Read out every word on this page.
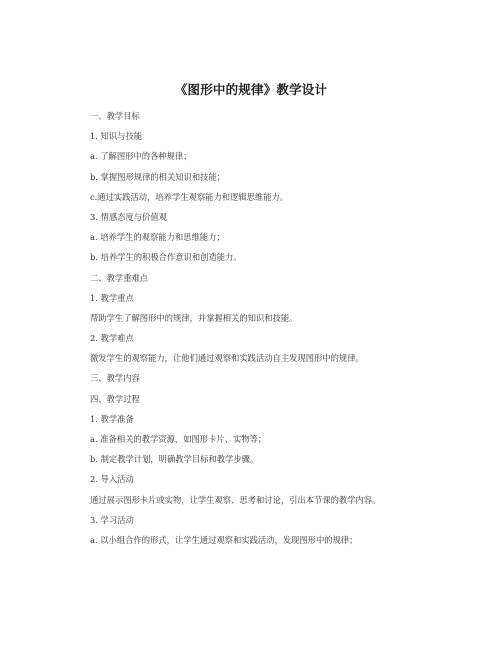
《图形中的规律》教学设计
一、教学目标
1. 知识与技能
a. 了解图形中的各种规律；
b. 掌握图形规律的相关知识和技能；
c.通过实践活动，培养学生观察能力和逻辑思维能力。
3. 情感态度与价值观
a. 培养学生的观察能力和思维能力；
b. 培养学生的积极合作意识和创造能力。
二、教学重难点
1. 教学重点
帮助学生了解图形中的规律，并掌握相关的知识和技能。
2. 教学难点
激发学生的观察能力，让他们通过观察和实践活动自主发现图形中的规律。
三、教学内容
四、教学过程
1. 教学准备
a. 准备相关的教学资源，如图形卡片、实物等；
b. 制定教学计划，明确教学目标和教学步骤。
2. 导入活动
通过展示图形卡片或实物，让学生观察、思考和讨论，引出本节课的教学内容。
3. 学习活动
a. 以小组合作的形式，让学生通过观察和实践活动，发现图形中的规律；
